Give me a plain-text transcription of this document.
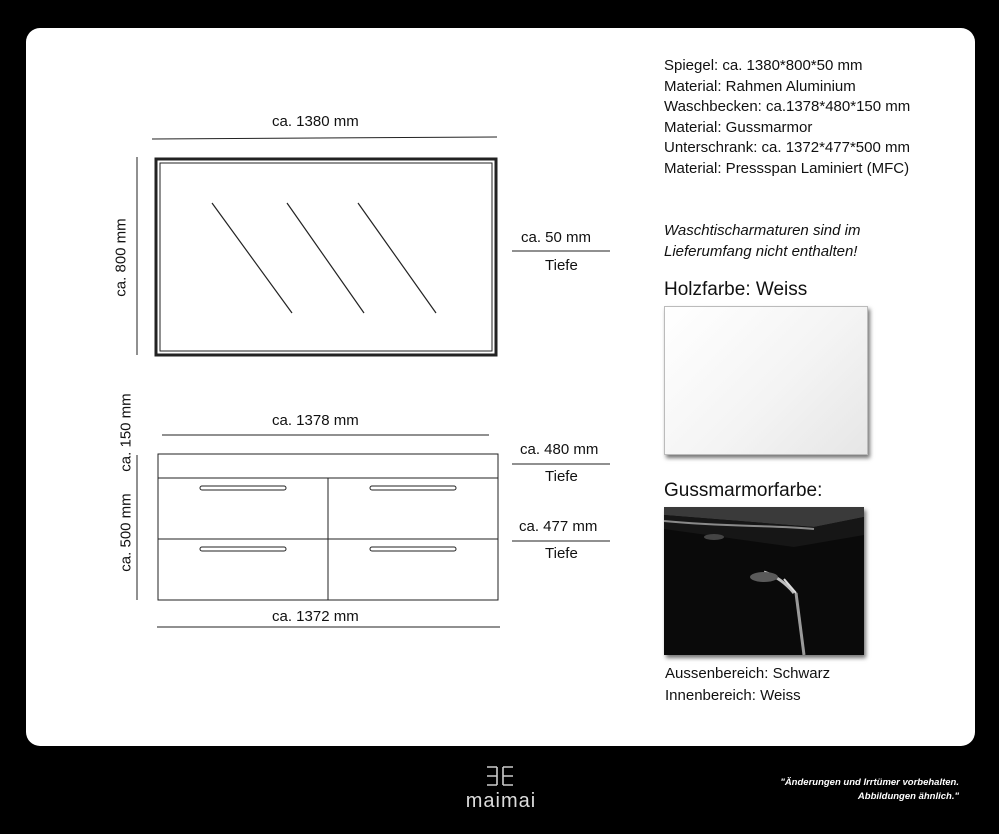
ca. 1380 mm
ca. 800 mm	ca. 50 mm
Tiefe
ca. 1378 mm
ca. 150 mm	ca. 480 mm
Tiefe
ca. 500 mm	ca. 477 mm
Tiefe
ca. 1372 mm
Spiegel: ca. 1380*800*50 mm
Material: Rahmen Aluminium
Waschbecken: ca.1378*480*150 mm
Material: Gussmarmor
Unterschrank: ca. 1372*477*500 mm
Material: Pressspan Laminiert (MFC)
Waschtischarmaturen sind im
Lieferumfang nicht enthalten!
Holzfarbe: Weiss
Gussmarmorfarbe:
Aussenbereich: Schwarz
Innenbereich: Weiss
maimai
"Änderungen und Irrtümer vorbehalten.
Abbildungen ähnlich."
